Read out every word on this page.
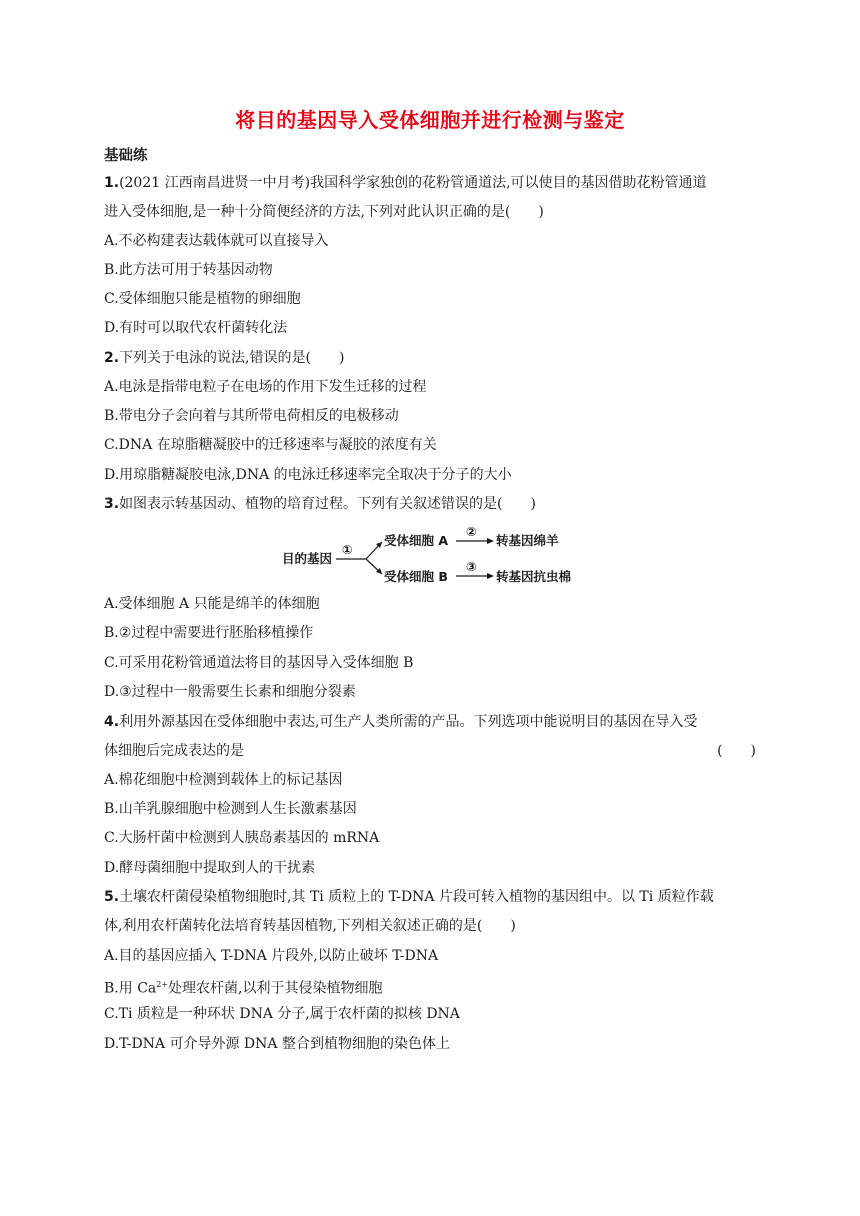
将目的基因导入受体细胞并进行检测与鉴定
基础练
1.(2021 江西南昌进贤一中月考)我国科学家独创的花粉管通道法,可以使目的基因借助花粉管通道
进入受体细胞,是一种十分简便经济的方法,下列对此认识正确的是(　　)
A.不必构建表达载体就可以直接导入
B.此方法可用于转基因动物
C.受体细胞只能是植物的卵细胞
D.有时可以取代农杆菌转化法
2.下列关于电泳的说法,错误的是(　　)
A.电泳是指带电粒子在电场的作用下发生迁移的过程
B.带电分子会向着与其所带电荷相反的电极移动
C.DNA 在琼脂糖凝胶中的迁移速率与凝胶的浓度有关
D.用琼脂糖凝胶电泳,DNA 的电泳迁移速率完全取决于分子的大小
3.如图表示转基因动、植物的培育过程。下列有关叙述错误的是(　　)
目的基因
①
受体细胞 A
②
转基因绵羊
受体细胞 B
③
转基因抗虫棉
A.受体细胞 A 只能是绵羊的体细胞
B.②过程中需要进行胚胎移植操作
C.可采用花粉管通道法将目的基因导入受体细胞 B
D.③过程中一般需要生长素和细胞分裂素
4.利用外源基因在受体细胞中表达,可生产人类所需的产品。下列选项中能说明目的基因在导入受
体细胞后完成表达的是	(　　)
A.棉花细胞中检测到载体上的标记基因
B.山羊乳腺细胞中检测到人生长激素基因
C.大肠杆菌中检测到人胰岛素基因的 mRNA
D.酵母菌细胞中提取到人的干扰素
5.土壤农杆菌侵染植物细胞时,其 Ti 质粒上的 T-DNA 片段可转入植物的基因组中。以 Ti 质粒作载
体,利用农杆菌转化法培育转基因植物,下列相关叙述正确的是(　　)
A.目的基因应插入 T-DNA 片段外,以防止破坏 T-DNA
B.用 $Ca^{2+}$处理农杆菌,以利于其侵染植物细胞
C.Ti 质粒是一种环状 DNA 分子,属于农杆菌的拟核 DNA
D.T-DNA 可介导外源 DNA 整合到植物细胞的染色体上
